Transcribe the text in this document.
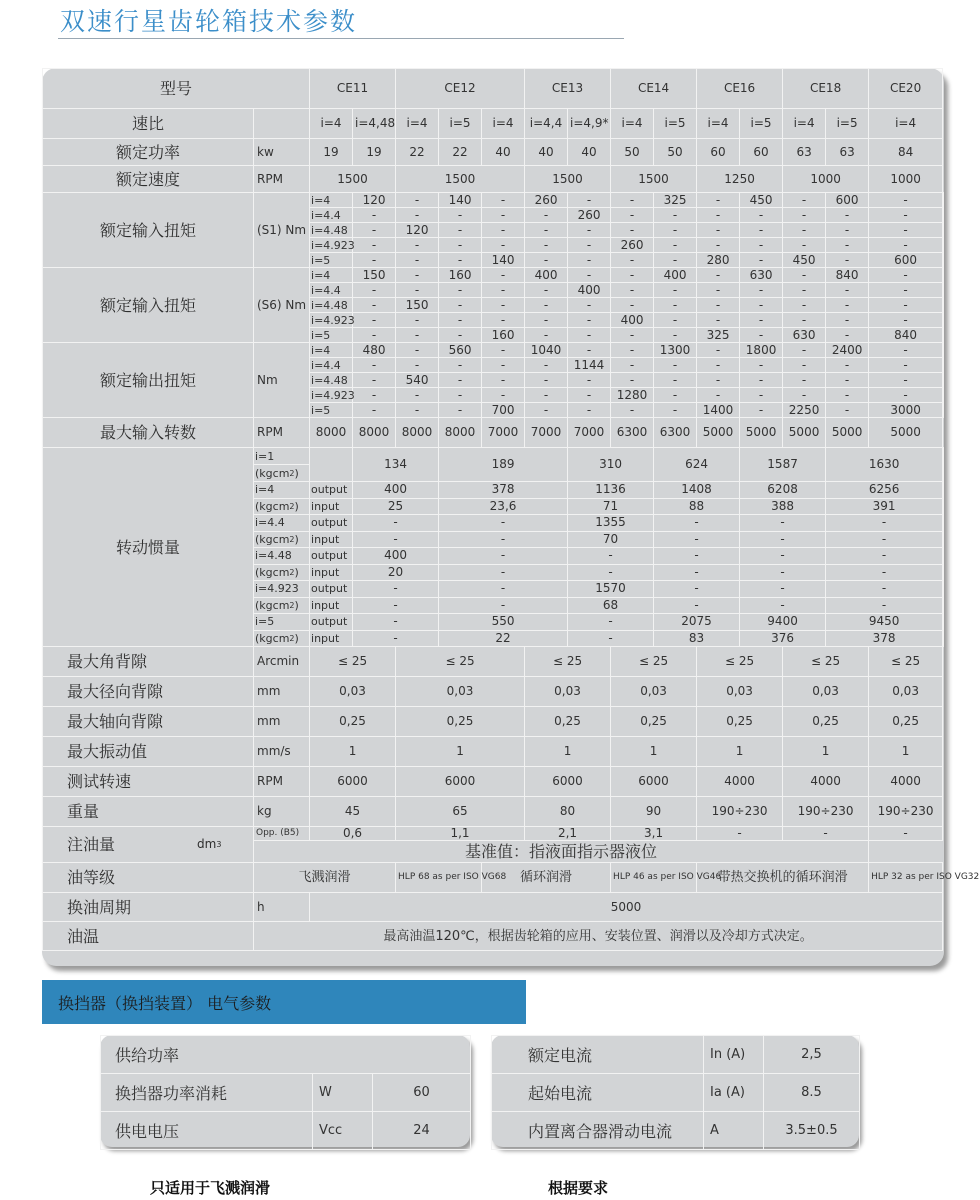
双速行星齿轮箱技术参数
型号		CE11		CE12			CE13		CE14		CE16		CE18		CE20	
速比		i=4	i=4,48	i=4	i=5	i=4	i=4,4	i=4,9*	i=4	i=5	i=4	i=5	i=4	i=5	i=4	
额定功率	kw	19	19	22	22	40	40	40	50	50	60	60	63	63	84	
额定速度	RPM	1500		1500			1500		1500		1250		1000		1000	
额定输入扭矩	(S1) Nm	i=4	120	-	140	-	260	-	-	325	-	450	-	600	-	
		i=4.4	-	-	-	-	-	260	-	-	-	-	-	-	-	
		i=4.48	-	120	-	-	-	-	-	-	-	-	-	-	-	
		i=4.923	-	-	-	-	-	-	260	-	-	-	-	-	-	
		i=5	-	-	-	140	-	-	-	-	280	-	450	-	600	
额定输入扭矩	(S6) Nm	i=4	150	-	160	-	400	-	-	400	-	630	-	840	-	
		i=4.4	-	-	-	-	-	400	-	-	-	-	-	-	-	
		i=4.48	-	150	-	-	-	-	-	-	-	-	-	-	-	
		i=4.923	-	-	-	-	-	-	400	-	-	-	-	-	-	
		i=5	-	-	-	160	-	-	-	-	325	-	630	-	840	
额定输出扭矩	Nm	i=4	480	-	560	-	1040	-	-	1300	-	1800	-	2400	-	
		i=4.4	-	-	-	-	-	1144	-	-	-	-	-	-	-	
		i=4.48	-	540	-	-	-	-	-	-	-	-	-	-	-	
		i=4.923	-	-	-	-	-	-	1280	-	-	-	-	-	-	
		i=5	-	-	-	700	-	-	-	-	1400	-	2250	-	3000	
最大输入转数	RPM	8000	8000	8000	8000	7000	7000	7000	6300	6300	5000	5000	5000	5000	5000	
转动惯量	i=1		134		189			310		624		1587		1630	
	(kgcm$^2$)															
	i=4	output	400		378			1136		1408		6208		6256	
	(kgcm$^2$)	input	25		23,6			71		88		388		391	
	i=4.4	output	-		-			1355		-		-		-	
	(kgcm$^2$)	input	-		-			70		-		-		-	
	i=4.48	output	400		-			-		-		-		-	
	(kgcm$^2$)	input	20		-			-		-		-		-	
	i=4.923	output	-		-			1570		-		-		-	
	(kgcm$^2$)	input	-		-			68		-		-		-	
	i=5	output	-		550			-		2075		9400		9450	
	(kgcm$^2$)	input	-		22			-		83		376		378	
最大角背隙	Arcmin	≤ 25		≤ 25			≤ 25		≤ 25		≤ 25		≤ 25		≤ 25	
最大径向背隙	mm	0,03		0,03			0,03		0,03		0,03		0,03		0,03	
最大轴向背隙	mm	0,25		0,25			0,25		0,25		0,25		0,25		0,25	
最大振动值	mm/s	1		1			1		1		1		1		1	
测试转速	RPM	6000		6000			6000		6000		4000		4000		4000	
重量	kg	45		65			80		90		190÷230		190÷230		190÷230	
注油量 $dm^3$	Opp. (B5)	0,6		1,1			2,1		3,1		-		-		-	
	基准值：指液面指示器液位															
油等级	飞溅润滑			HLP 68 as per ISO VG68		循环润滑			HLP 46 as per ISO VG46		带热交换机的循环润滑				HLP 32 as per ISO VG32	
换油周期	h	5000														
油温	最高油温120℃，根据齿轮箱的应用、安装位置、润滑以及冷却方式决定。															
换挡器（换挡装置） 电气参数
供给功率		
换挡器功率消耗	W	60
供电电压	Vcc	24
额定电流	In (A)	2,5
起始电流	Ia (A)	8.5
内置离合器滑动电流	A	3.5±0.5
只适用于飞溅润滑	根据要求
